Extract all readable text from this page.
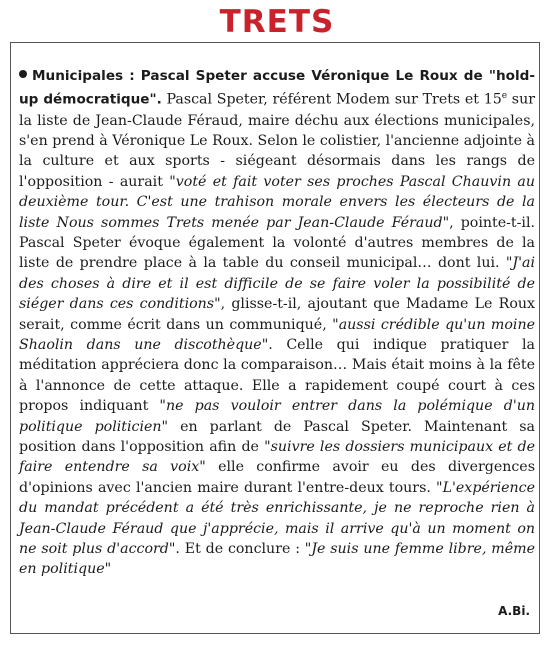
TRETS

Municipales : Pascal Speter accuse Véronique Le Roux de "hold-up démocratique". Pascal Speter, référent Modem sur Trets et 15e sur la liste de Jean-Claude Féraud, maire déchu aux élections municipales, s'en prend à Véronique Le Roux. Selon le colistier, l'ancienne adjointe à la culture et aux sports - siégeant désormais dans les rangs de l'opposition - aurait "voté et fait voter ses proches Pascal Chauvin au deuxième tour. C'est une trahison morale envers les électeurs de la liste Nous sommes Trets menée par Jean-Claude Féraud", pointe-t-il. Pascal Speter évoque également la volonté d'autres membres de la liste de prendre place à la table du conseil municipal… dont lui. "J'ai des choses à dire et il est difficile de se faire voler la possibilité de siéger dans ces conditions", glisse-t-il, ajoutant que Madame Le Roux serait, comme écrit dans un communiqué, "aussi crédible qu'un moine Shaolin dans une discothèque". Celle qui indique pratiquer la méditation appréciera donc la comparaison… Mais était moins à la fête à l'annonce de cette attaque. Elle a rapidement coupé court à ces propos indiquant "ne pas vouloir entrer dans la polémique d'un politique politicien" en parlant de Pascal Speter. Maintenant sa position dans l'opposition afin de "suivre les dossiers municipaux et de faire entendre sa voix" elle confirme avoir eu des divergences d'opinions avec l'ancien maire durant l'entre-deux tours. "L'expérience du mandat précédent a été très enrichissante, je ne reproche rien à Jean-Claude Féraud que j'apprécie, mais il arrive qu'à un moment on ne soit plus d'accord". Et de conclure : "Je suis une femme libre, même en politique"

A.Bi.
